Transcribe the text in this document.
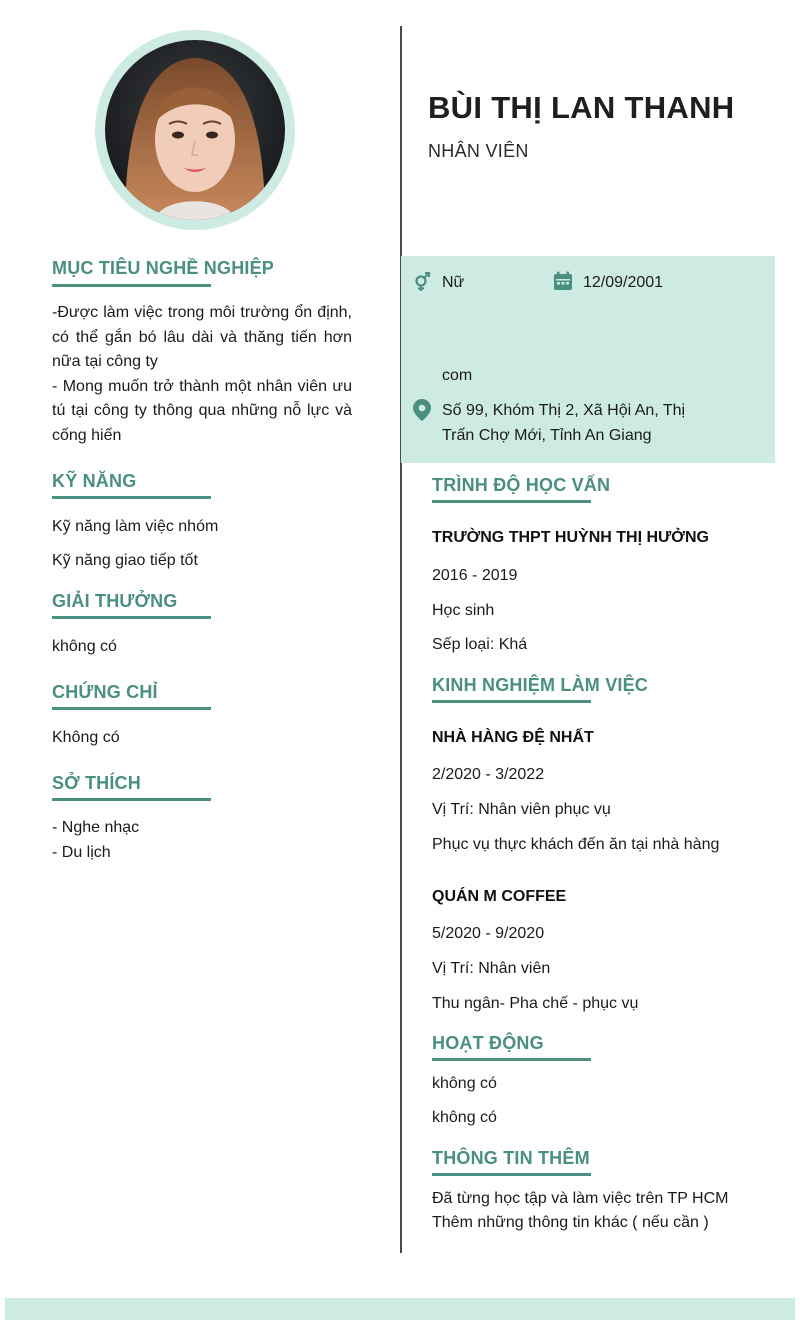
MỤC TIÊU NGHỀ NGHIỆP
-Được làm việc trong môi trường ổn định, có thể gắn bó lâu dài và thăng tiến hơn nữa tại công ty
- Mong muốn trở thành một nhân viên ưu tú tại công ty thông qua những nỗ lực và cống hiến
KỸ NĂNG
Kỹ năng làm việc nhóm
Kỹ năng giao tiếp tốt
GIẢI THƯỞNG
không có
CHỨNG CHỈ
Không có
SỞ THÍCH
- Nghe nhạc
- Du lịch
BÙI THỊ LAN THANH
NHÂN VIÊN
Nữ	12/09/2001
com
Số 99, Khóm Thị 2, Xã Hội An, Thị
Trấn Chợ Mới, Tỉnh An Giang
TRÌNH ĐỘ HỌC VẤN
TRƯỜNG THPT HUỲNH THỊ HƯỞNG
2016 - 2019
Học sinh
Sếp loại: Khá
KINH NGHIỆM LÀM VIỆC
NHÀ HÀNG ĐỆ NHẤT
2/2020 - 3/2022
Vị Trí: Nhân viên phục vụ
Phục vụ thực khách đến ăn tại nhà hàng
QUÁN M COFFEE
5/2020 - 9/2020
Vị Trí: Nhân viên
Thu ngân- Pha chế - phục vụ
HOẠT ĐỘNG
không có
không có
THÔNG TIN THÊM
Đã từng học tập và làm việc trên TP HCM
Thêm những thông tin khác ( nếu cần )
